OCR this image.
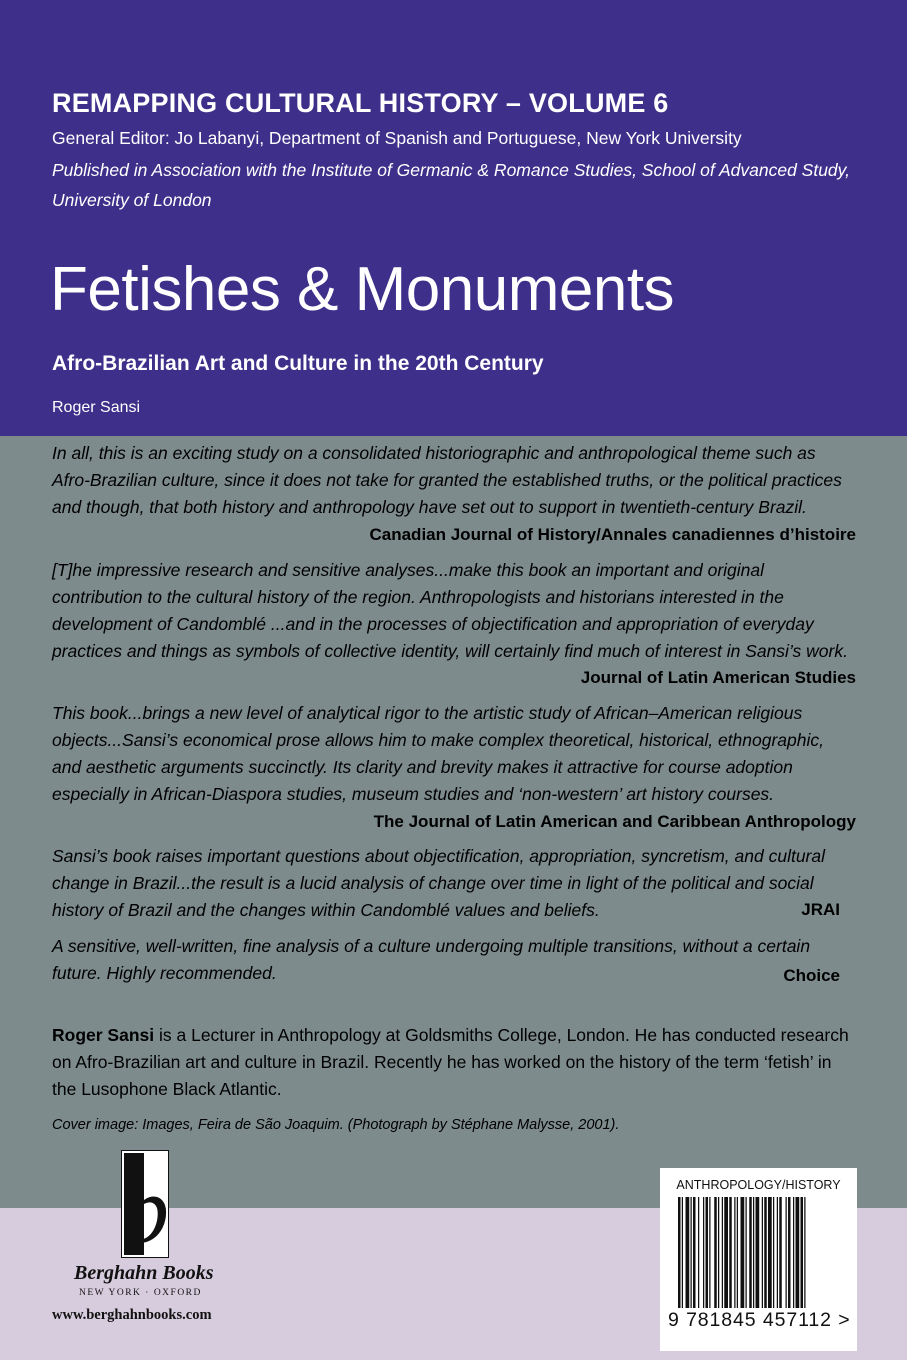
REMAPPING CULTURAL HISTORY – VOLUME 6
General Editor: Jo Labanyi, Department of Spanish and Portuguese, New York University
Published in Association with the Institute of Germanic & Romance Studies, School of Advanced Study, University of London
Fetishes & Monuments
Afro-Brazilian Art and Culture in the 20th Century
Roger Sansi
In all, this is an exciting study on a consolidated historiographic and anthropological theme such as Afro-Brazilian culture, since it does not take for granted the established truths, or the political practices and though, that both history and anthropology have set out to support in twentieth-century Brazil.
Canadian Journal of History/Annales canadiennes d’histoire
[T]he impressive research and sensitive analyses...make this book an important and original contribution to the cultural history of the region. Anthropologists and historians interested in the development of Candomblé ...and in the processes of objectification and appropriation of everyday practices and things as symbols of collective identity, will certainly find much of interest in Sansi’s work.
Journal of Latin American Studies
This book...brings a new level of analytical rigor to the artistic study of African–American religious objects...Sansi’s economical prose allows him to make complex theoretical, historical, ethnographic, and aesthetic arguments succinctly. Its clarity and brevity makes it attractive for course adoption especially in African-Diaspora studies, museum studies and ‘non-western’ art history courses.
The Journal of Latin American and Caribbean Anthropology
Sansi’s book raises important questions about objectification, appropriation, syncretism, and cultural change in Brazil...the result is a lucid analysis of change over time in light of the political and social history of Brazil and the changes within Candomblé values and beliefs.	JRAI
A sensitive, well-written, fine analysis of a culture undergoing multiple transitions, without a certain future. Highly recommended.	Choice
Roger Sansi is a Lecturer in Anthropology at Goldsmiths College, London. He has conducted research on Afro-Brazilian art and culture in Brazil. Recently he has worked on the history of the term ‘fetish’ in the Lusophone Black Atlantic.
Cover image: Images, Feira de São Joaquim. (Photograph by Stéphane Malysse, 2001).
b
Berghahn Books
NEW YORK · OXFORD
www.berghahnbooks.com
ANTHROPOLOGY/HISTORY
9 781845 457112 >
